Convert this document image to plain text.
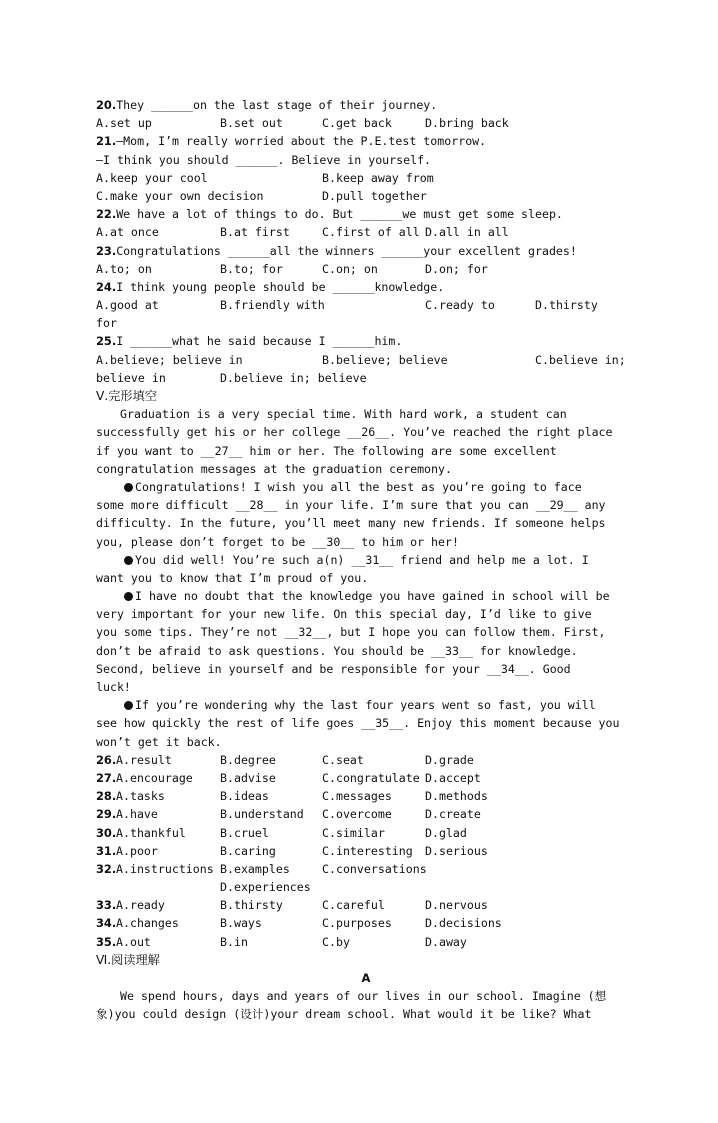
20.They ______on the last stage of their journey.
A.set up	B.set out	C.get back	D.bring back
21.—Mom, I’m really worried about the P.E.test tomorrow.
—I think you should ______. Believe in yourself.
A.keep your cool	B.keep away from
C.make your own decision	D.pull together
22.We have a lot of things to do. But ______we must get some sleep.
A.at once	B.at first	C.first of all D.all in all
23.Congratulations ______all the winners ______your excellent grades!
A.to; on	B.to; for	C.on; on	D.on; for
24.I think young people should be ______knowledge.
A.good at	B.friendly with	C.ready to	D.thirsty
for
25.I ______what he said because I ______him.
A.believe; believe in	B.believe; believe	C.believe in;
believe in	D.believe in; believe
Ⅴ.完形填空
Graduation is a very special time. With hard work, a student can
successfully get his or her college __26__. You’ve reached the right place
if you want to __27__ him or her. The following are some excellent
congratulation messages at the graduation ceremony.
Congratulations! I wish you all the best as you’re going to face
some more difficult __28__ in your life. I’m sure that you can __29__ any
difficulty. In the future, you’ll meet many new friends. If someone helps
you, please don’t forget to be __30__ to him or her!
You did well! You’re such a(n) __31__ friend and help me a lot. I
want you to know that I’m proud of you.
I have no doubt that the knowledge you have gained in school will be
very important for your new life. On this special day, I’d like to give
you some tips. They’re not __32__, but I hope you can follow them. First,
don’t be afraid to ask questions. You should be __33__ for knowledge.
Second, believe in yourself and be responsible for your __34__. Good
luck!
If you’re wondering why the last four years went so fast, you will
see how quickly the rest of life goes __35__. Enjoy this moment because you
won’t get it back.
26. A.result	B.degree	C.seat	D.grade
27. A.encourage	B.advise	C.congratulate D.accept
28. A.tasks	B.ideas	C.messages	D.methods
29. A.have	B.understand	C.overcome	D.create
30. A.thankful	B.cruel	C.similar	D.glad
31. A.poor	B.caring	C.interesting	D.serious
32. A.instructions B.examples	C.conversations
D.experiences
33. A.ready	B.thirsty	C.careful	D.nervous
34. A.changes	B.ways	C.purposes	D.decisions
35. A.out	B.in	C.by	D.away
Ⅵ.阅读理解
A
We spend hours, days and years of our lives in our school. Imagine (想
象)you could design (设计)your dream school. What would it be like? What
